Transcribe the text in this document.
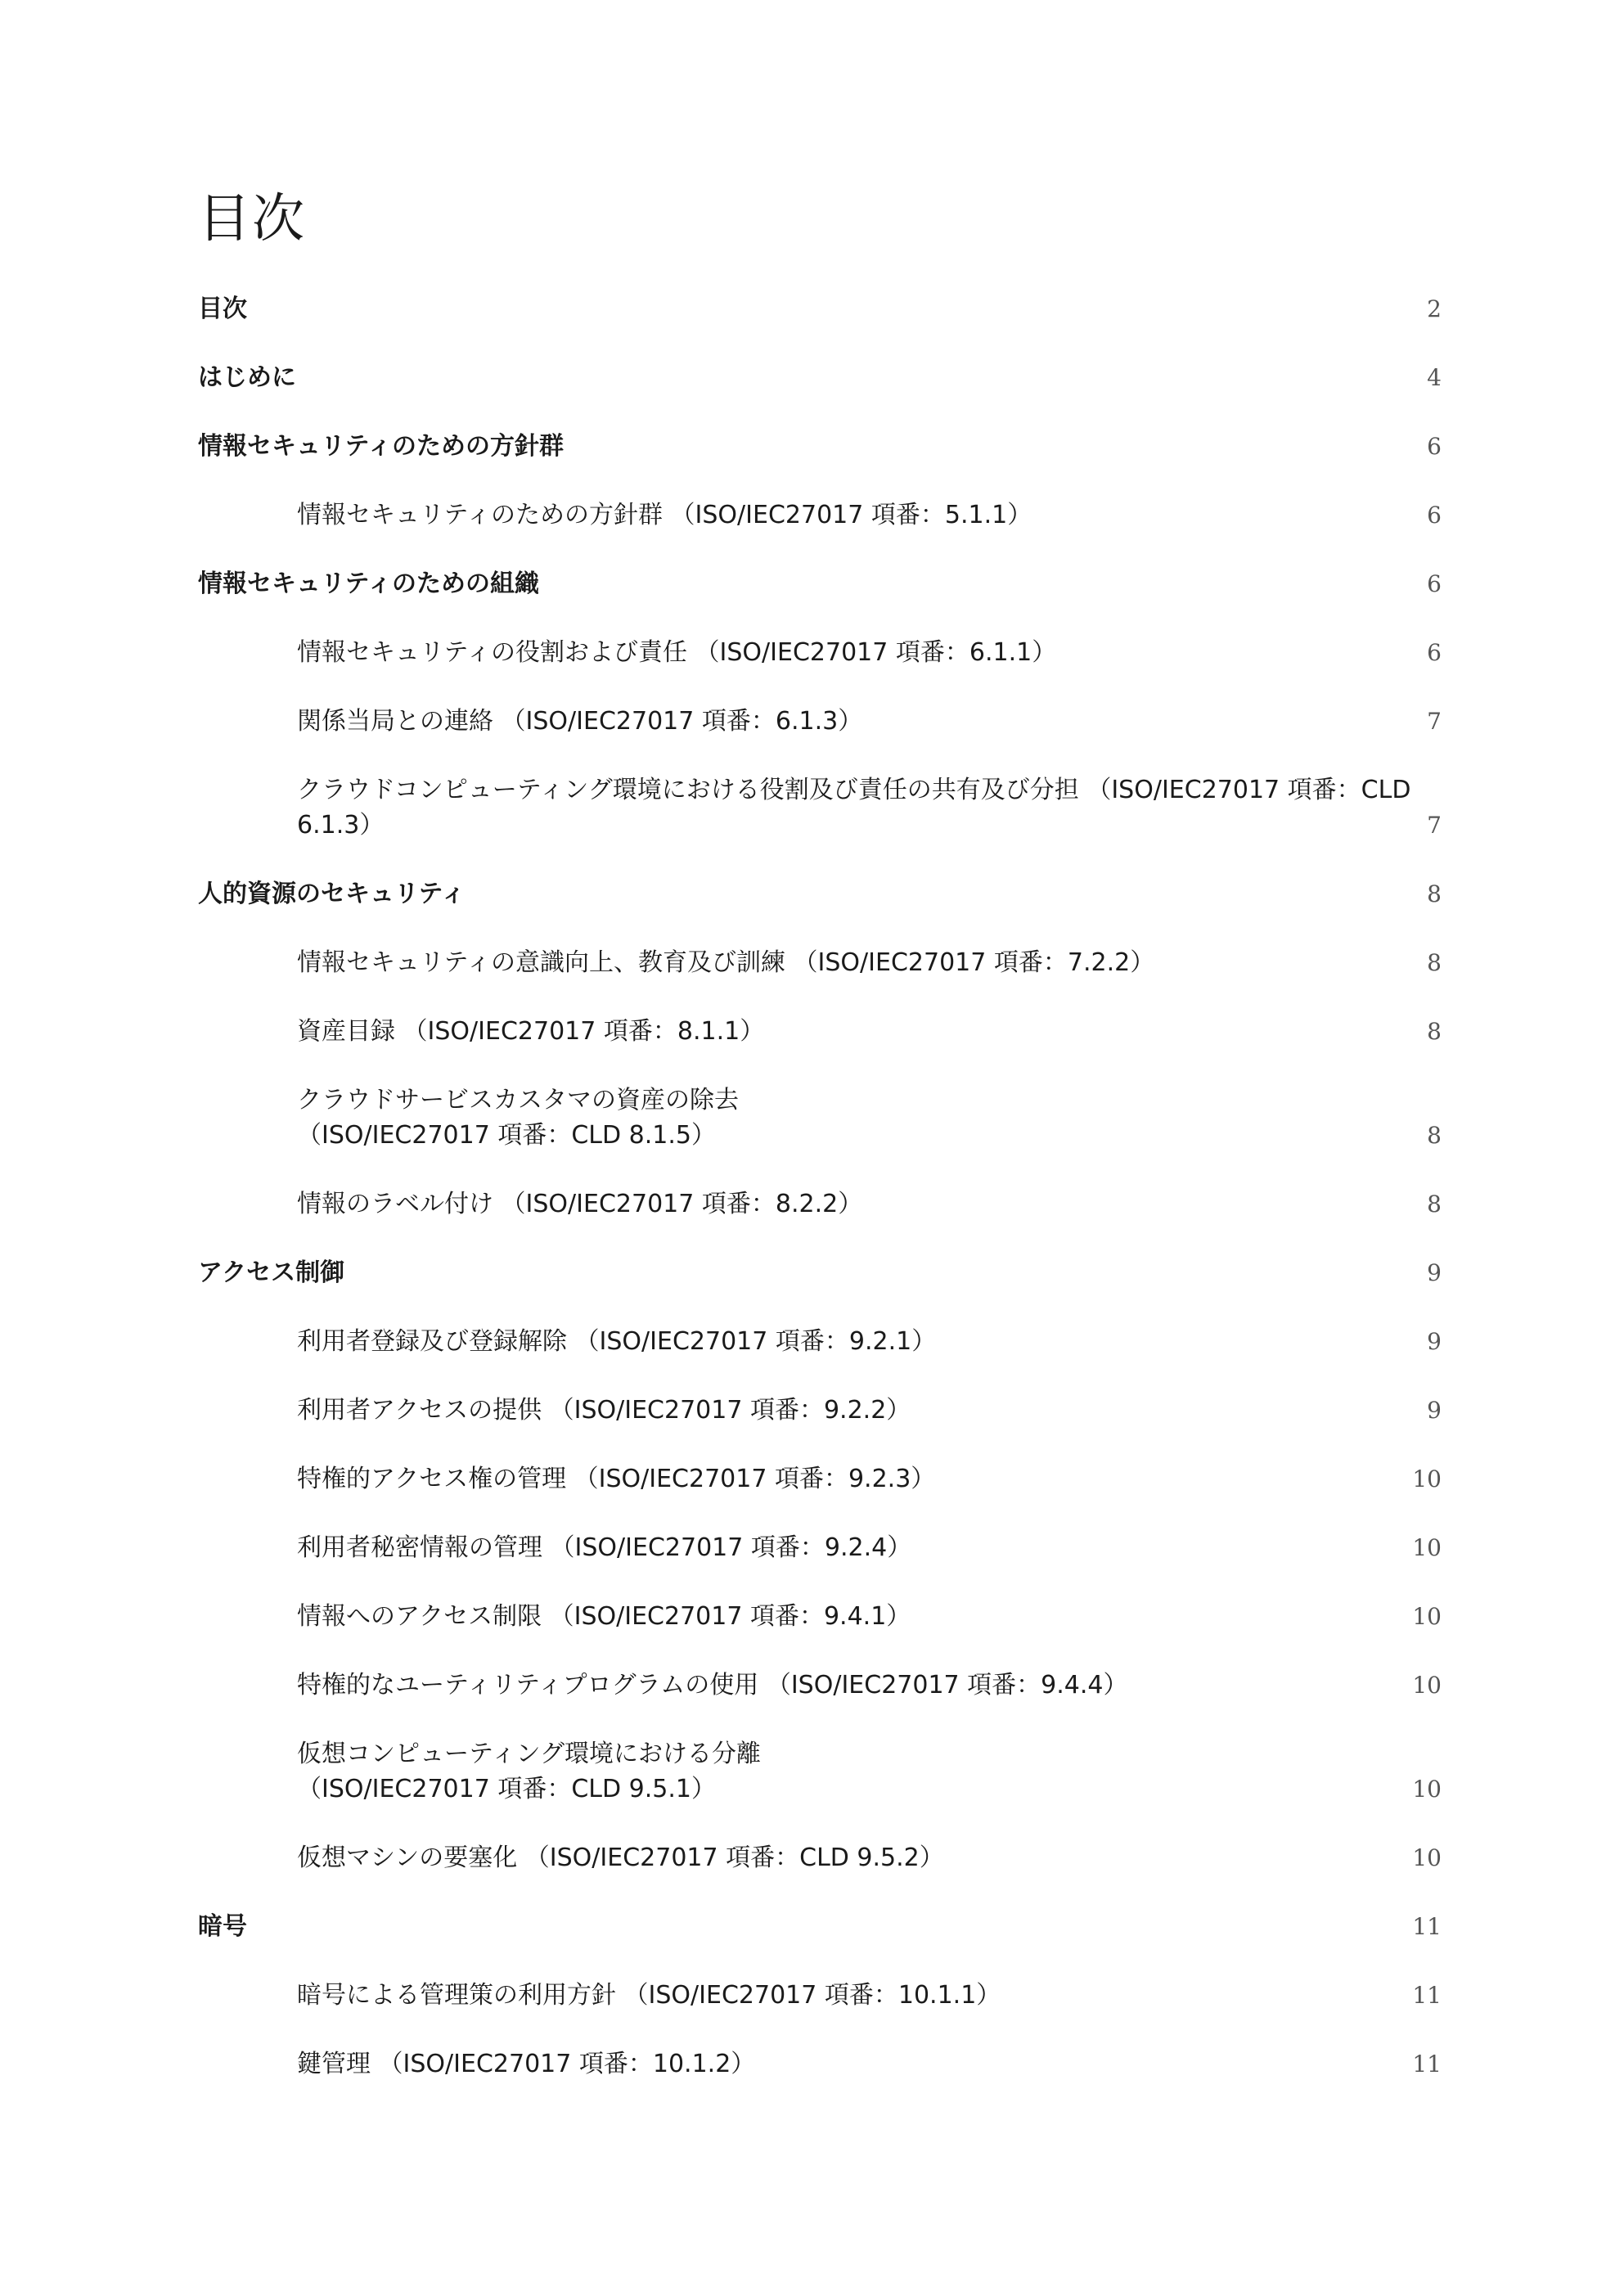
目次
目次	2
はじめに	4
情報セキュリティのための方針群	6
情報セキュリティのための方針群 （ISO/IEC27017 項番：5.1.1）	6
情報セキュリティのための組織	6
情報セキュリティの役割および責任 （ISO/IEC27017 項番：6.1.1）	6
関係当局との連絡 （ISO/IEC27017 項番：6.1.3）	7
クラウドコンピューティング環境における役割及び責任の共有及び分担 （ISO/IEC27017 項番：CLD
6.1.3）	7
人的資源のセキュリティ	8
情報セキュリティの意識向上、教育及び訓練 （ISO/IEC27017 項番：7.2.2）	8
資産目録 （ISO/IEC27017 項番：8.1.1）	8
クラウドサービスカスタマの資産の除去
（ISO/IEC27017 項番：CLD 8.1.5）	8
情報のラベル付け （ISO/IEC27017 項番：8.2.2）	8
アクセス制御	9
利用者登録及び登録解除 （ISO/IEC27017 項番：9.2.1）	9
利用者アクセスの提供 （ISO/IEC27017 項番：9.2.2）	9
特権的アクセス権の管理 （ISO/IEC27017 項番：9.2.3）	10
利用者秘密情報の管理 （ISO/IEC27017 項番：9.2.4）	10
情報へのアクセス制限 （ISO/IEC27017 項番：9.4.1）	10
特権的なユーティリティプログラムの使用 （ISO/IEC27017 項番：9.4.4）	10
仮想コンピューティング環境における分離
（ISO/IEC27017 項番：CLD 9.5.1）	10
仮想マシンの要塞化 （ISO/IEC27017 項番：CLD 9.5.2）	10
暗号	11
暗号による管理策の利用方針 （ISO/IEC27017 項番：10.1.1）	11
鍵管理 （ISO/IEC27017 項番：10.1.2）	11
